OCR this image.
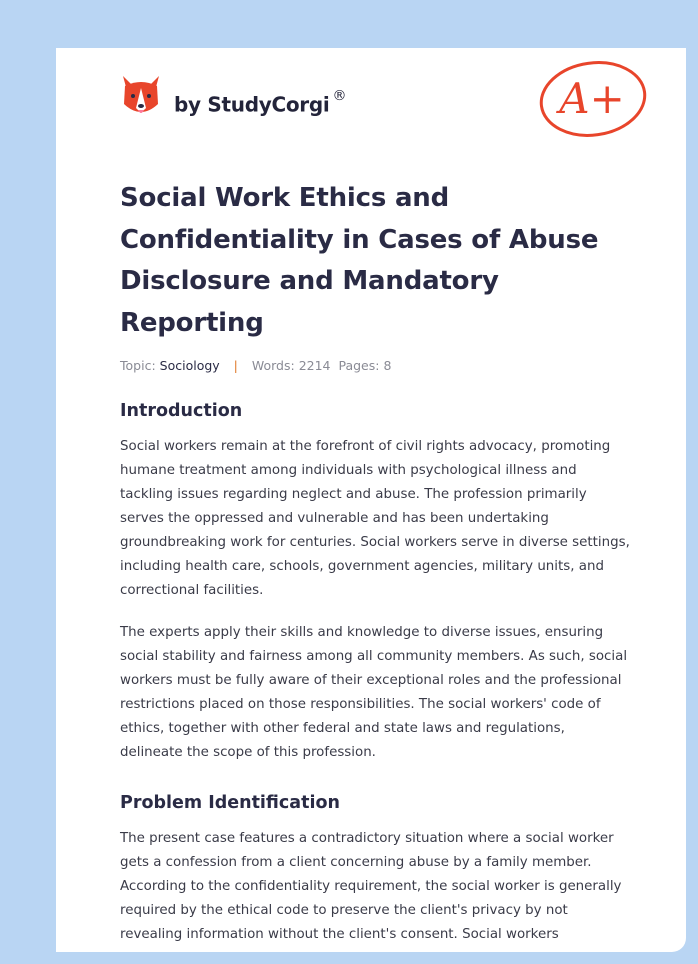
by StudyCorgi ®	A+
Social Work Ethics and Confidentiality in Cases of Abuse Disclosure and Mandatory Reporting
Topic: Sociology | Words: 2214 Pages: 8
Introduction

Social workers remain at the forefront of civil rights advocacy, promoting humane treatment among individuals with psychological illness and tackling issues regarding neglect and abuse. The profession primarily serves the oppressed and vulnerable and has been undertaking groundbreaking work for centuries. Social workers serve in diverse settings, including health care, schools, government agencies, military units, and correctional facilities.

The experts apply their skills and knowledge to diverse issues, ensuring social stability and fairness among all community members. As such, social workers must be fully aware of their exceptional roles and the professional restrictions placed on those responsibilities. The social workers' code of ethics, together with other federal and state laws and regulations, delineate the scope of this profession.

Problem Identification

The present case features a contradictory situation where a social worker gets a confession from a client concerning abuse by a family member. According to the confidentiality requirement, the social worker is generally required by the ethical code to preserve the client's privacy by not revealing information without the client's consent. Social workers
